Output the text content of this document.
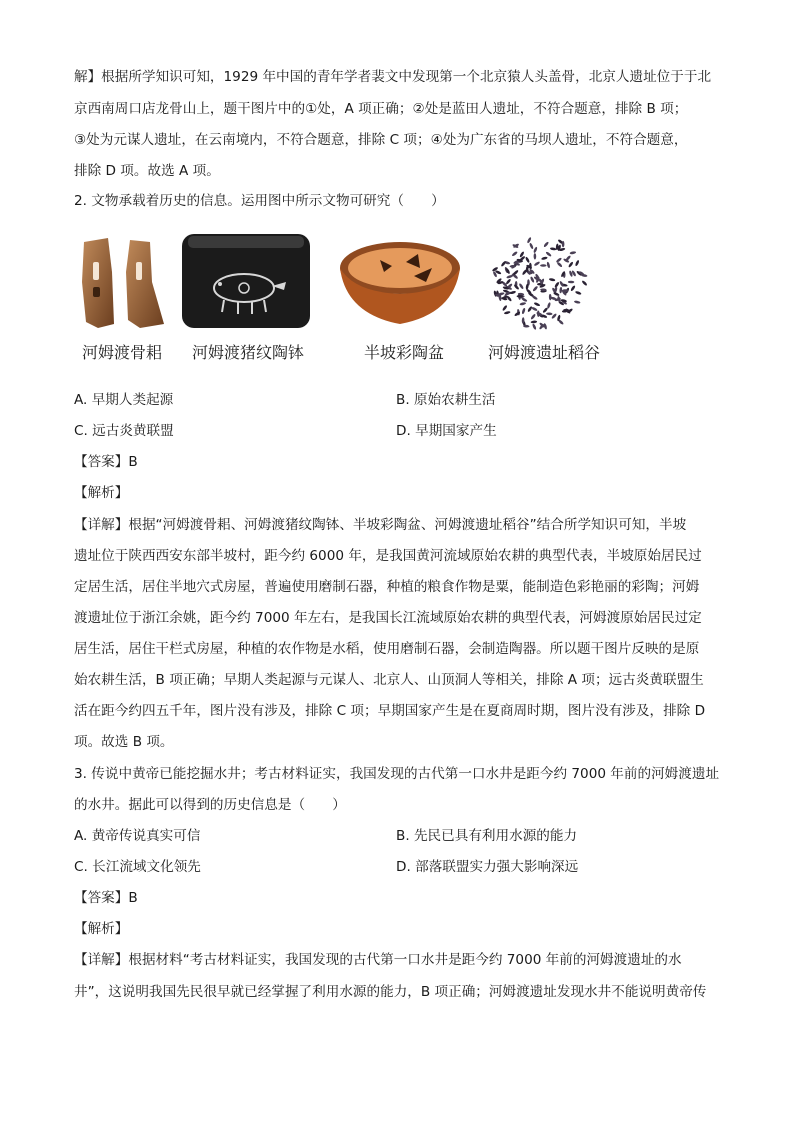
解】根据所学知识可知，1929 年中国的青年学者裴文中发现第一个北京猿人头盖骨，北京人遗址位于于北
京西南周口店龙骨山上，题干图片中的①处，A 项正确；②处是蓝田人遗址，不符合题意，排除 B 项；
③处为元谋人遗址，在云南境内，不符合题意，排除 C 项；④处为广东省的马坝人遗址，不符合题意，
排除 D 项。故选 A 项。
2. 文物承载着历史的信息。运用图中所示文物可研究（　　）
河姆渡骨耜 河姆渡猪纹陶钵	半坡彩陶盆	河姆渡遗址稻谷
A. 早期人类起源	B. 原始农耕生活
C. 远古炎黄联盟	D. 早期国家产生
【答案】B
【解析】
【详解】根据“河姆渡骨耜、河姆渡猪纹陶钵、半坡彩陶盆、河姆渡遗址稻谷”结合所学知识可知，半坡
遗址位于陕西西安东部半坡村，距今约 6000 年，是我国黄河流域原始农耕的典型代表，半坡原始居民过
定居生活，居住半地穴式房屋，普遍使用磨制石器，种植的粮食作物是粟，能制造色彩艳丽的彩陶；河姆
渡遗址位于浙江余姚，距今约 7000 年左右，是我国长江流域原始农耕的典型代表，河姆渡原始居民过定
居生活，居住干栏式房屋，种植的农作物是水稻，使用磨制石器，会制造陶器。所以题干图片反映的是原
始农耕生活，B 项正确；早期人类起源与元谋人、北京人、山顶洞人等相关，排除 A 项；远古炎黄联盟生
活在距今约四五千年，图片没有涉及，排除 C 项；早期国家产生是在夏商周时期，图片没有涉及，排除 D
项。故选 B 项。
3. 传说中黄帝已能挖掘水井；考古材料证实，我国发现的古代第一口水井是距今约 7000 年前的河姆渡遗址
的水井。据此可以得到的历史信息是（　　）
A. 黄帝传说真实可信	B. 先民已具有利用水源的能力
C. 长江流域文化领先	D. 部落联盟实力强大影响深远
【答案】B
【解析】
【详解】根据材料“考古材料证实，我国发现的古代第一口水井是距今约 7000 年前的河姆渡遗址的水
井”，这说明我国先民很早就已经掌握了利用水源的能力，B 项正确；河姆渡遗址发现水井不能说明黄帝传
